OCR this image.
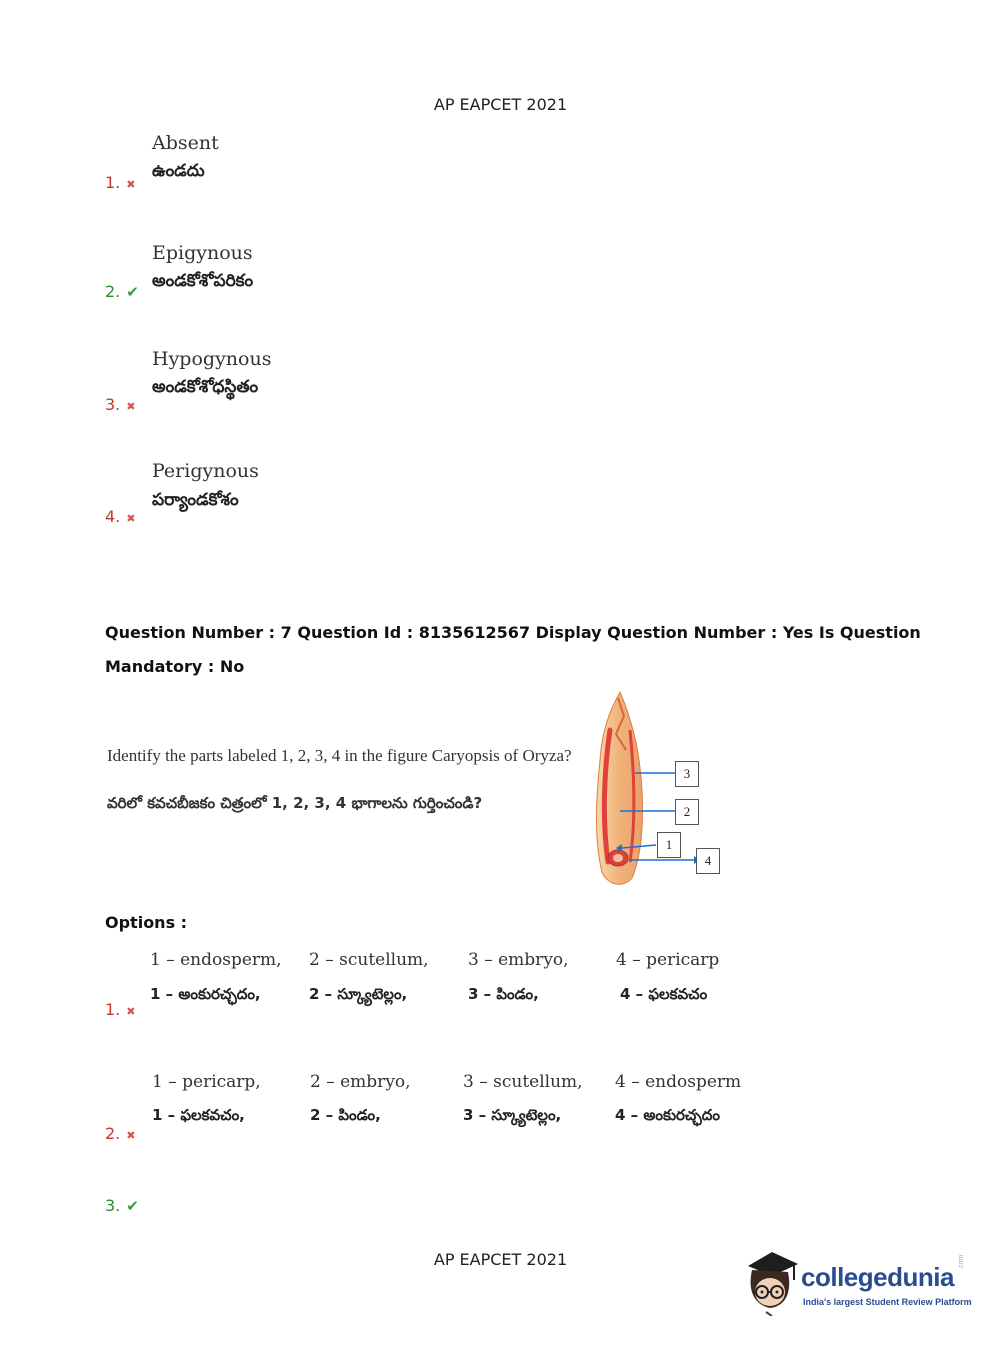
AP EAPCET 2021
Absent
ఉండదు
1. ✖
Epigynous
అండకోశోపరికం
2. ✔
Hypogynous
అండకోశోధస్థితం
3. ✖
Perigynous
పర్యాండకోశం
4. ✖
Question Number : 7 Question Id : 8135612567 Display Question Number : Yes Is Question
Mandatory : No
Identify the parts labeled 1, 2, 3, 4 in the figure Caryopsis of Oryza?
వరిలో కవచబీజకం చిత్రంలో 1, 2, 3, 4 భాగాలను గుర్తించండి?
3
2
1
4
Options :
1 – endosperm, 2 – scutellum, 3 – embryo,	4 – pericarp
1 – అంకురచ్ఛదం,	2 – స్క్యూటెల్లం,	3 – పిండం,	4 – ఫలకవచం
1. ✖
1 – pericarp,	2 – embryo,	3 – scutellum, 4 – endosperm
1 – ఫలకవచం,	2 – పిండం,	3 – స్క్యూటెల్లం,	4 – అంకురచ్ఛదం
2. ✖
3. ✔
AP EAPCET 2021
collegedunia .com
India's largest Student Review Platform
